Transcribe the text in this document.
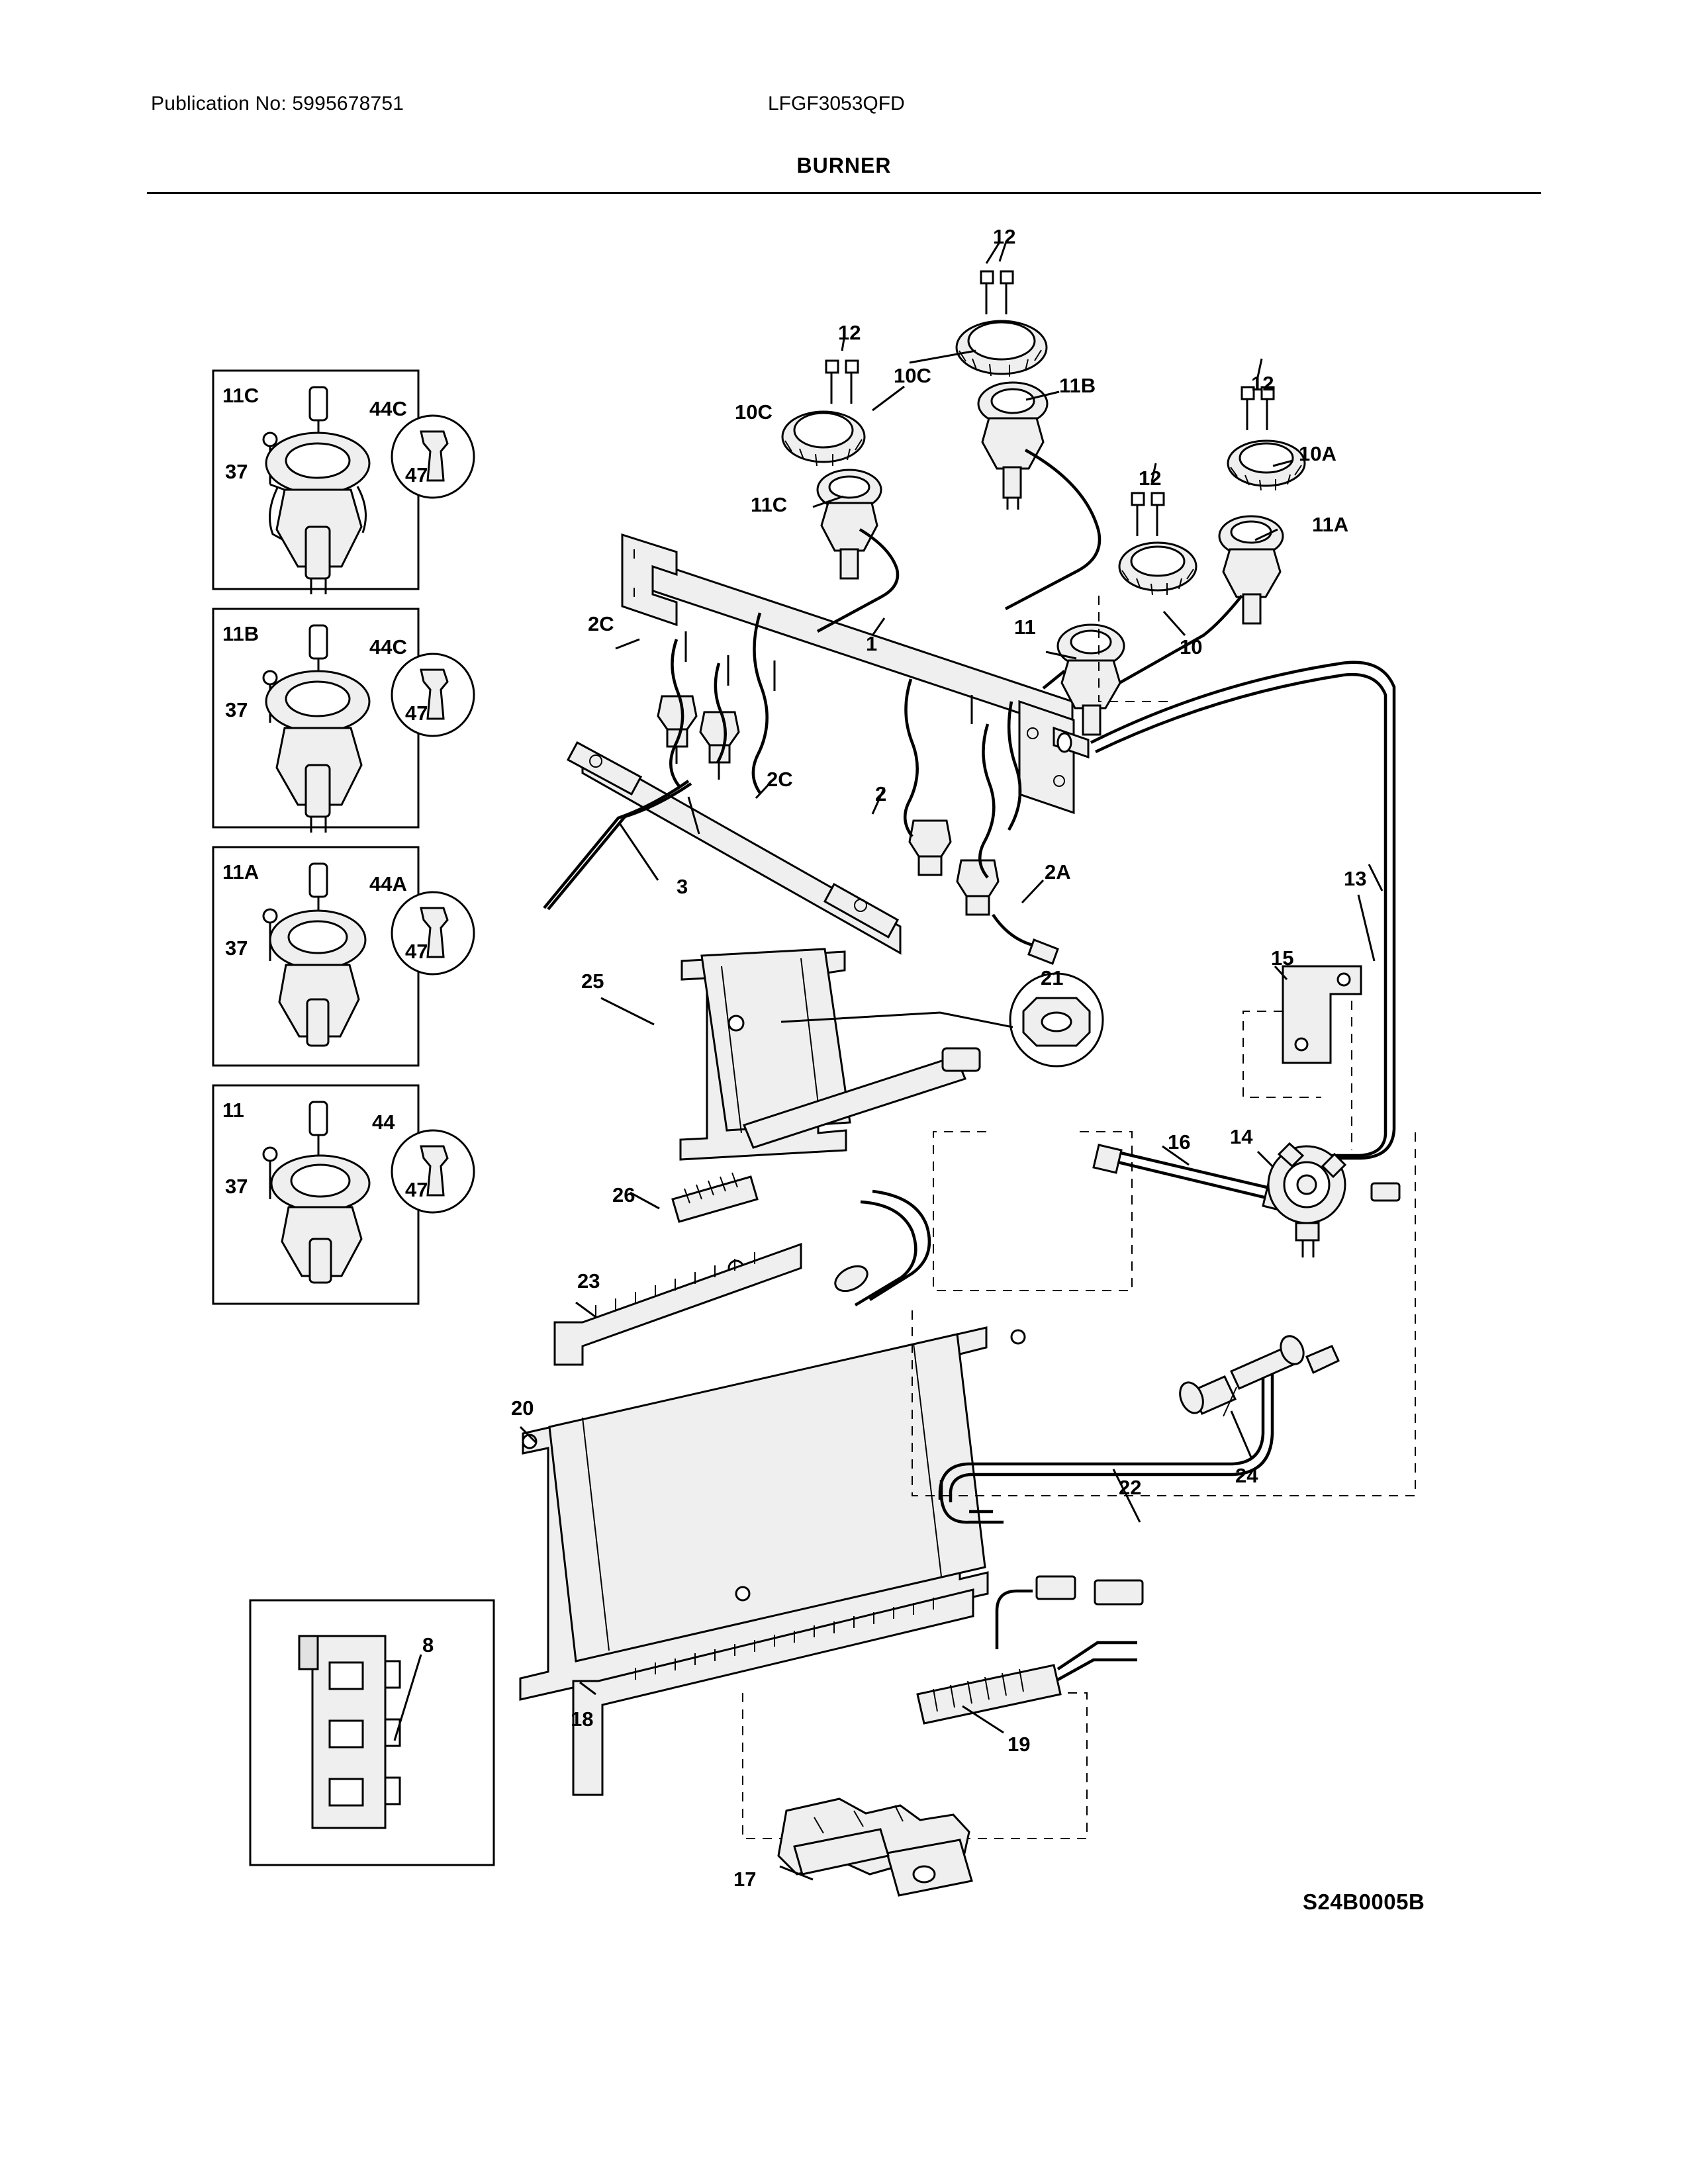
Publication No: 5995678751	LFGF3053QFD
BURNER
11C
44C
37	47
11B
44C
37	47
11A
44A
37	47
11
44
37	47
12
12
12
12
10C
10C
11B
11C
10A
11A
11
10
1
2C
2C
2
2A
3	13
15
14
16
21
25
26
23
20
24
22
18
19
17
8
S24B0005B
